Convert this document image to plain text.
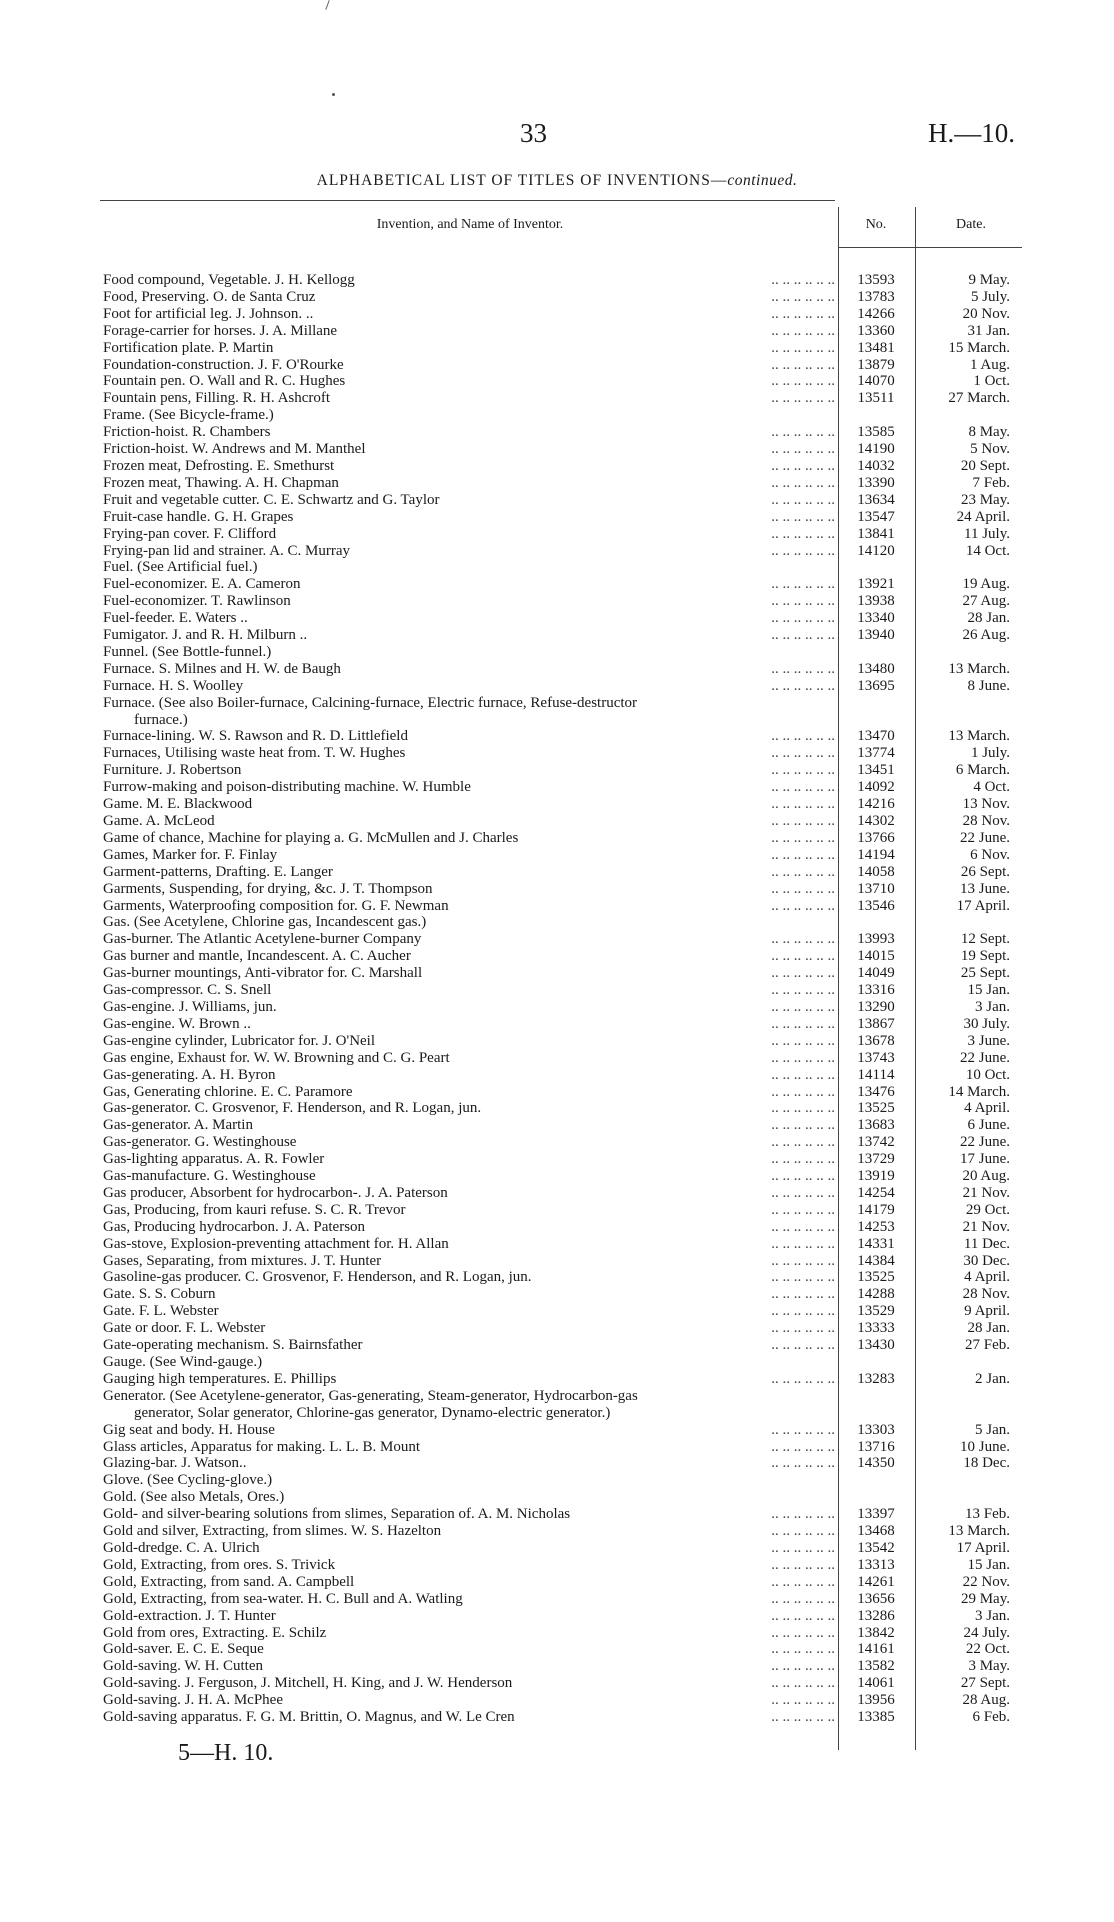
33	H.—10.
ALPHABETICAL LIST OF TITLES OF INVENTIONS—continued.
Invention, and Name of Inventor.	No.	Date.
Food compound, Vegetable. J. H. Kellogg	13593	9 May.
.. .. .. .. .. ..
Food, Preserving. O. de Santa Cruz	13783	5 July.
.. .. .. .. .. ..
Foot for artificial leg. J. Johnson. ..	14266	20 Nov.
.. .. .. .. .. ..
Forage-carrier for horses. J. A. Millane	13360	31 Jan.
.. .. .. .. .. ..
Fortification plate. P. Martin	13481	15 March.
.. .. .. .. .. ..
Foundation-construction. J. F. O'Rourke	13879	1 Aug.
.. .. .. .. .. ..
Fountain pen. O. Wall and R. C. Hughes	14070	1 Oct.
.. .. .. .. .. ..
Fountain pens, Filling. R. H. Ashcroft	13511	27 March.
.. .. .. .. .. ..
Frame. (See Bicycle-frame.)
Friction-hoist. R. Chambers	13585	8 May.
.. .. .. .. .. ..
Friction-hoist. W. Andrews and M. Manthel	14190	5 Nov.
.. .. .. .. .. ..
Frozen meat, Defrosting. E. Smethurst	14032	20 Sept.
.. .. .. .. .. ..
Frozen meat, Thawing. A. H. Chapman	13390	7 Feb.
.. .. .. .. .. ..
Fruit and vegetable cutter. C. E. Schwartz and G. Taylor	13634	23 May.
.. .. .. .. .. ..
Fruit-case handle. G. H. Grapes	13547	24 April.
.. .. .. .. .. ..
Frying-pan cover. F. Clifford	13841	11 July.
.. .. .. .. .. ..
Frying-pan lid and strainer. A. C. Murray	14120	14 Oct.
.. .. .. .. .. ..
Fuel. (See Artificial fuel.)
Fuel-economizer. E. A. Cameron	13921	19 Aug.
.. .. .. .. .. ..
Fuel-economizer. T. Rawlinson	13938	27 Aug.
.. .. .. .. .. ..
Fuel-feeder. E. Waters ..	13340	28 Jan.
.. .. .. .. .. ..
Fumigator. J. and R. H. Milburn ..	13940	26 Aug.
.. .. .. .. .. ..
Funnel. (See Bottle-funnel.)
Furnace. S. Milnes and H. W. de Baugh	13480	13 March.
.. .. .. .. .. ..
Furnace. H. S. Woolley	13695	8 June.
.. .. .. .. .. ..
Furnace. (See also Boiler-furnace, Calcining-furnace, Electric furnace, Refuse-destructor
furnace.)
Furnace-lining. W. S. Rawson and R. D. Littlefield	13470	13 March.
.. .. .. .. .. ..
Furnaces, Utilising waste heat from. T. W. Hughes	13774	1 July.
.. .. .. .. .. ..
Furniture. J. Robertson	13451	6 March.
.. .. .. .. .. ..
Furrow-making and poison-distributing machine. W. Humble	14092	4 Oct.
.. .. .. .. .. ..
Game. M. E. Blackwood	14216	13 Nov.
.. .. .. .. .. ..
Game. A. McLeod	14302	28 Nov.
.. .. .. .. .. ..
Game of chance, Machine for playing a. G. McMullen and J. Charles	13766	22 June.
.. .. .. .. .. ..
Games, Marker for. F. Finlay	14194	6 Nov.
.. .. .. .. .. ..
Garment-patterns, Drafting. E. Langer	14058	26 Sept.
.. .. .. .. .. ..
Garments, Suspending, for drying, &c. J. T. Thompson	13710	13 June.
.. .. .. .. .. ..
Garments, Waterproofing composition for. G. F. Newman	13546	17 April.
.. .. .. .. .. ..
Gas. (See Acetylene, Chlorine gas, Incandescent gas.)
Gas-burner. The Atlantic Acetylene-burner Company	13993	12 Sept.
.. .. .. .. .. ..
Gas burner and mantle, Incandescent. A. C. Aucher	14015	19 Sept.
.. .. .. .. .. ..
Gas-burner mountings, Anti-vibrator for. C. Marshall	14049	25 Sept.
.. .. .. .. .. ..
Gas-compressor. C. S. Snell	13316	15 Jan.
.. .. .. .. .. ..
Gas-engine. J. Williams, jun.	13290	3 Jan.
.. .. .. .. .. ..
Gas-engine. W. Brown ..	13867	30 July.
.. .. .. .. .. ..
Gas-engine cylinder, Lubricator for. J. O'Neil	13678	3 June.
.. .. .. .. .. ..
Gas engine, Exhaust for. W. W. Browning and C. G. Peart	13743	22 June.
.. .. .. .. .. ..
Gas-generating. A. H. Byron	14114	10 Oct.
.. .. .. .. .. ..
Gas, Generating chlorine. E. C. Paramore	13476	14 March.
.. .. .. .. .. ..
Gas-generator. C. Grosvenor, F. Henderson, and R. Logan, jun.	13525	4 April.
.. .. .. .. .. ..
Gas-generator. A. Martin	13683	6 June.
.. .. .. .. .. ..
Gas-generator. G. Westinghouse	13742	22 June.
.. .. .. .. .. ..
Gas-lighting apparatus. A. R. Fowler	13729	17 June.
.. .. .. .. .. ..
Gas-manufacture. G. Westinghouse	13919	20 Aug.
.. .. .. .. .. ..
Gas producer, Absorbent for hydrocarbon-. J. A. Paterson	14254	21 Nov.
.. .. .. .. .. ..
Gas, Producing, from kauri refuse. S. C. R. Trevor	14179	29 Oct.
.. .. .. .. .. ..
Gas, Producing hydrocarbon. J. A. Paterson	14253	21 Nov.
.. .. .. .. .. ..
Gas-stove, Explosion-preventing attachment for. H. Allan	14331	11 Dec.
.. .. .. .. .. ..
Gases, Separating, from mixtures. J. T. Hunter	14384	30 Dec.
.. .. .. .. .. ..
Gasoline-gas producer. C. Grosvenor, F. Henderson, and R. Logan, jun.	13525	4 April.
.. .. .. .. .. ..
Gate. S. S. Coburn	14288	28 Nov.
.. .. .. .. .. ..
Gate. F. L. Webster	13529	9 April.
.. .. .. .. .. ..
Gate or door. F. L. Webster	13333	28 Jan.
.. .. .. .. .. ..
Gate-operating mechanism. S. Bairnsfather	13430	27 Feb.
.. .. .. .. .. ..
Gauge. (See Wind-gauge.)
Gauging high temperatures. E. Phillips	13283	2 Jan.
.. .. .. .. .. ..
Generator. (See Acetylene-generator, Gas-generating, Steam-generator, Hydrocarbon-gas
generator, Solar generator, Chlorine-gas generator, Dynamo-electric generator.)
Gig seat and body. H. House	13303	5 Jan.
.. .. .. .. .. ..
Glass articles, Apparatus for making. L. L. B. Mount	13716	10 June.
.. .. .. .. .. ..
Glazing-bar. J. Watson..	14350	18 Dec.
.. .. .. .. .. ..
Glove. (See Cycling-glove.)
Gold. (See also Metals, Ores.)
Gold- and silver-bearing solutions from slimes, Separation of. A. M. Nicholas	13397	13 Feb.
.. .. .. .. .. ..
Gold and silver, Extracting, from slimes. W. S. Hazelton	13468	13 March.
.. .. .. .. .. ..
Gold-dredge. C. A. Ulrich	13542	17 April.
.. .. .. .. .. ..
Gold, Extracting, from ores. S. Trivick	13313	15 Jan.
.. .. .. .. .. ..
Gold, Extracting, from sand. A. Campbell	14261	22 Nov.
.. .. .. .. .. ..
Gold, Extracting, from sea-water. H. C. Bull and A. Watling	13656	29 May.
.. .. .. .. .. ..
Gold-extraction. J. T. Hunter	13286	3 Jan.
.. .. .. .. .. ..
Gold from ores, Extracting. E. Schilz	13842	24 July.
.. .. .. .. .. ..
Gold-saver. E. C. E. Seque	14161	22 Oct.
.. .. .. .. .. ..
Gold-saving. W. H. Cutten	13582	3 May.
.. .. .. .. .. ..
Gold-saving. J. Ferguson, J. Mitchell, H. King, and J. W. Henderson	14061	27 Sept.
.. .. .. .. .. ..
Gold-saving. J. H. A. McPhee	13956	28 Aug.
.. .. .. .. .. ..
Gold-saving apparatus. F. G. M. Brittin, O. Magnus, and W. Le Cren	13385	6 Feb.
.. .. .. .. .. ..
5—H. 10.
